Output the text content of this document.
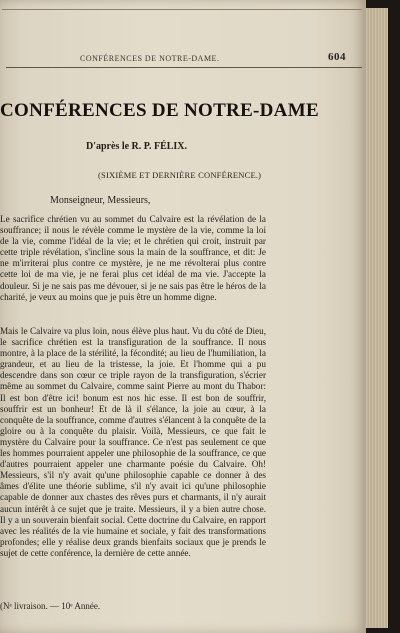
CONFÉRENCES DE NOTRE-DAME.	604
CONFÉRENCES DE NOTRE-DAME
D'après le R. P. FÉLIX.
(SIXIÈME ET DERNIÈRE CONFÉRENCE.)
Monseigneur, Messieurs,
Le sacrifice chrétien vu au sommet du Calvaire est la révélation de la souffrance; il nous le révèle comme le mystère de la vie, comme la loi de la vie, comme l'idéal de la vie; et le chrétien qui croit, instruit par cette triple révélation, s'incline sous la main de la souffrance, et dit: Je ne m'irriterai plus contre ce mystère, je ne me révolterai plus contre cette loi de ma vie, je ne ferai plus cet idéal de ma vie. J'accepte la douleur. Si je ne sais pas me dévouer, si je ne sais pas être le héros de la charité, je veux au moins que je puis être un homme digne.
Mais le Calvaire va plus loin, nous élève plus haut. Vu du côté de Dieu, le sacrifice chrétien est la transfiguration de la souffrance. Il nous montre, à la place de la stérilité, la fécondité; au lieu de l'humiliation, la grandeur, et au lieu de la tristesse, la joie. Et l'homme qui a pu descendre dans son cœur ce triple rayon de la transfiguration, s'écrier même au sommet du Calvaire, comme saint Pierre au mont du Thabor: Il est bon d'être ici! bonum est nos hic esse. Il est bon de souffrir, souffrir est un bonheur! Et de là il s'élance, la joie au cœur, à la conquête de la souffrance, comme d'autres s'élancent à la conquête de la gloire ou à la conquête du plaisir. Voilà, Messieurs, ce que fait le mystère du Calvaire pour la souffrance. Ce n'est pas seulement ce que les hommes pourraient appeler une philosophie de la souffrance, ce que d'autres pourraient appeler une charmante poésie du Calvaire. Oh! Messieurs, s'il n'y avait qu'une philosophie capable ce donner à des âmes d'élite une théorie sublime, s'il n'y avait ici qu'une philosophie capable de donner aux chastes des rêves purs et charmants, il n'y aurait aucun intérêt à ce sujet que je traite. Messieurs, il y a bien autre chose. Il y a un souverain bienfait social. Cette doctrine du Calvaire, en rapport avec les réalités de la vie humaine et sociale, y fait des transformations profondes; elle y réalise deux grands bienfaits sociaux que je prends le sujet de cette conférence, la dernière de cette année.
(Nᵉ livraison. — 10ᵉ Année.
